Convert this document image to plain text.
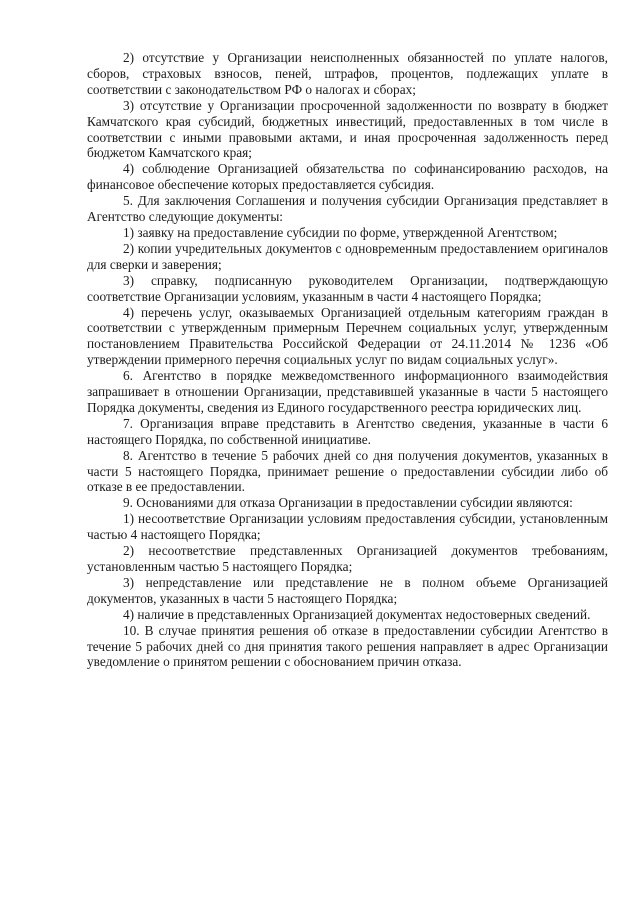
2) отсутствие у Организации неисполненных обязанностей по уплате налогов, сборов, страховых взносов, пеней, штрафов, процентов, подлежащих уплате в соответствии с законодательством РФ о налогах и сборах;

3) отсутствие у Организации просроченной задолженности по возврату в бюджет Камчатского края субсидий, бюджетных инвестиций, предоставленных в том числе в соответствии с иными правовыми актами, и иная просроченная задолженность перед бюджетом Камчатского края;

4) соблюдение Организацией обязательства по софинансированию расходов, на финансовое обеспечение которых предоставляется субсидия.

5. Для заключения Соглашения и получения субсидии Организация представляет в Агентство следующие документы:

1) заявку на предоставление субсидии по форме, утвержденной Агентством;

2) копии учредительных документов с одновременным предоставлением оригиналов для сверки и заверения;

3) справку, подписанную руководителем Организации, подтверждающую соответствие Организации условиям, указанным в части 4 настоящего Порядка;

4) перечень услуг, оказываемых Организацией отдельным категориям граждан в соответствии с утвержденным примерным Перечнем социальных услуг, утвержденным постановлением Правительства Российской Федерации от 24.11.2014 № 1236 «Об утверждении примерного перечня социальных услуг по видам социальных услуг».

6. Агентство в порядке межведомственного информационного взаимодействия запрашивает в отношении Организации, представившей указанные в части 5 настоящего Порядка документы, сведения из Единого государственного реестра юридических лиц.

7. Организация вправе представить в Агентство сведения, указанные в части 6 настоящего Порядка, по собственной инициативе.

8. Агентство в течение 5 рабочих дней со дня получения документов, указанных в части 5 настоящего Порядка, принимает решение о предоставлении субсидии либо об отказе в ее предоставлении.

9. Основаниями для отказа Организации в предоставлении субсидии являются:

1) несоответствие Организации условиям предоставления субсидии, установленным частью 4 настоящего Порядка;

2) несоответствие представленных Организацией документов требованиям, установленным частью 5 настоящего Порядка;

3) непредставление или представление не в полном объеме Организацией документов, указанных в части 5 настоящего Порядка;

4) наличие в представленных Организацией документах недостоверных сведений.

10. В случае принятия решения об отказе в предоставлении субсидии Агентство в течение 5 рабочих дней со дня принятия такого решения направляет в адрес Организации уведомление о принятом решении с обоснованием причин отказа.
